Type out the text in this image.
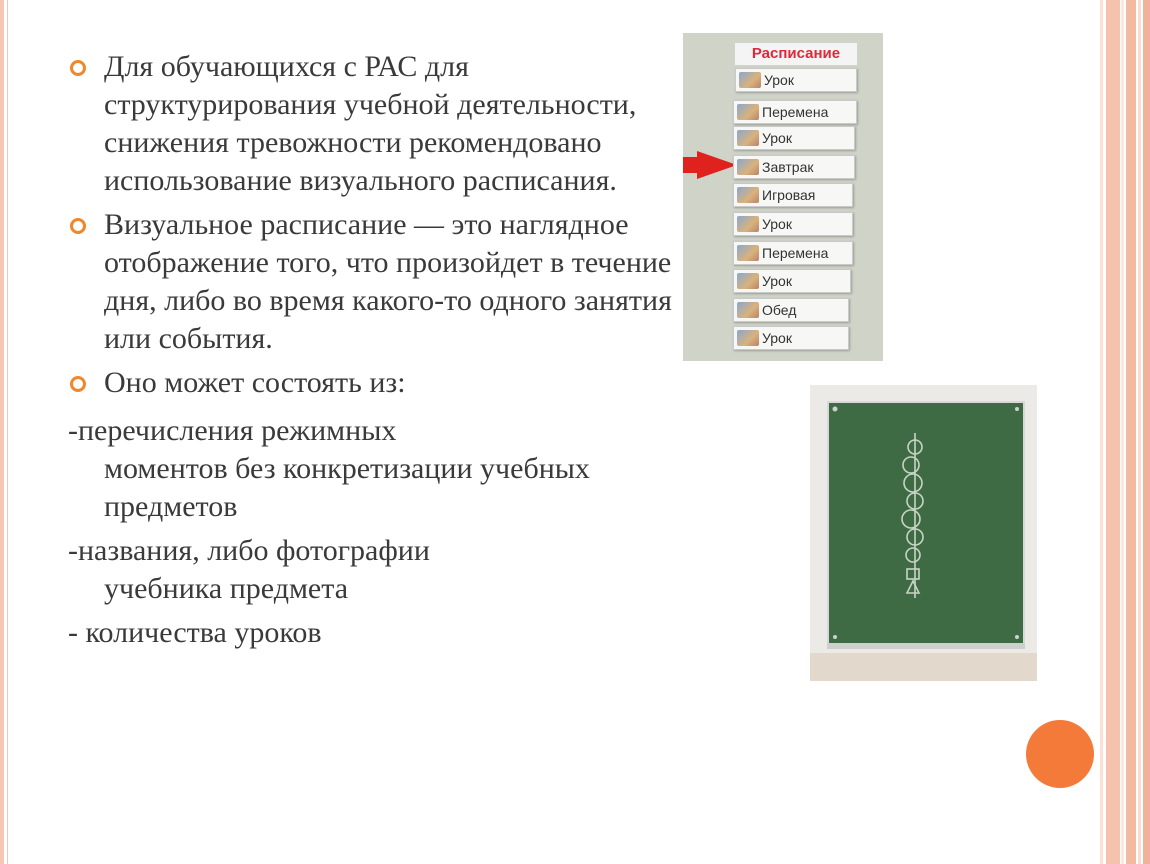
Для обучающихся с РАС для структурирования учебной деятельности, снижения тревожности рекомендовано использование визуального расписания.
Визуальное расписание — это наглядное отображение того, что произойдет в течение дня, либо во время какого-то одного занятия или события.
Оно может состоять из:
-перечисления режимных
моментов без конкретизации учебных предметов
-названия, либо фотографии
учебника предмета
- количества уроков
Расписание
Урок
Перемена
Урок
Завтрак
Игровая
Урок
Перемена
Урок
Обед
Урок
